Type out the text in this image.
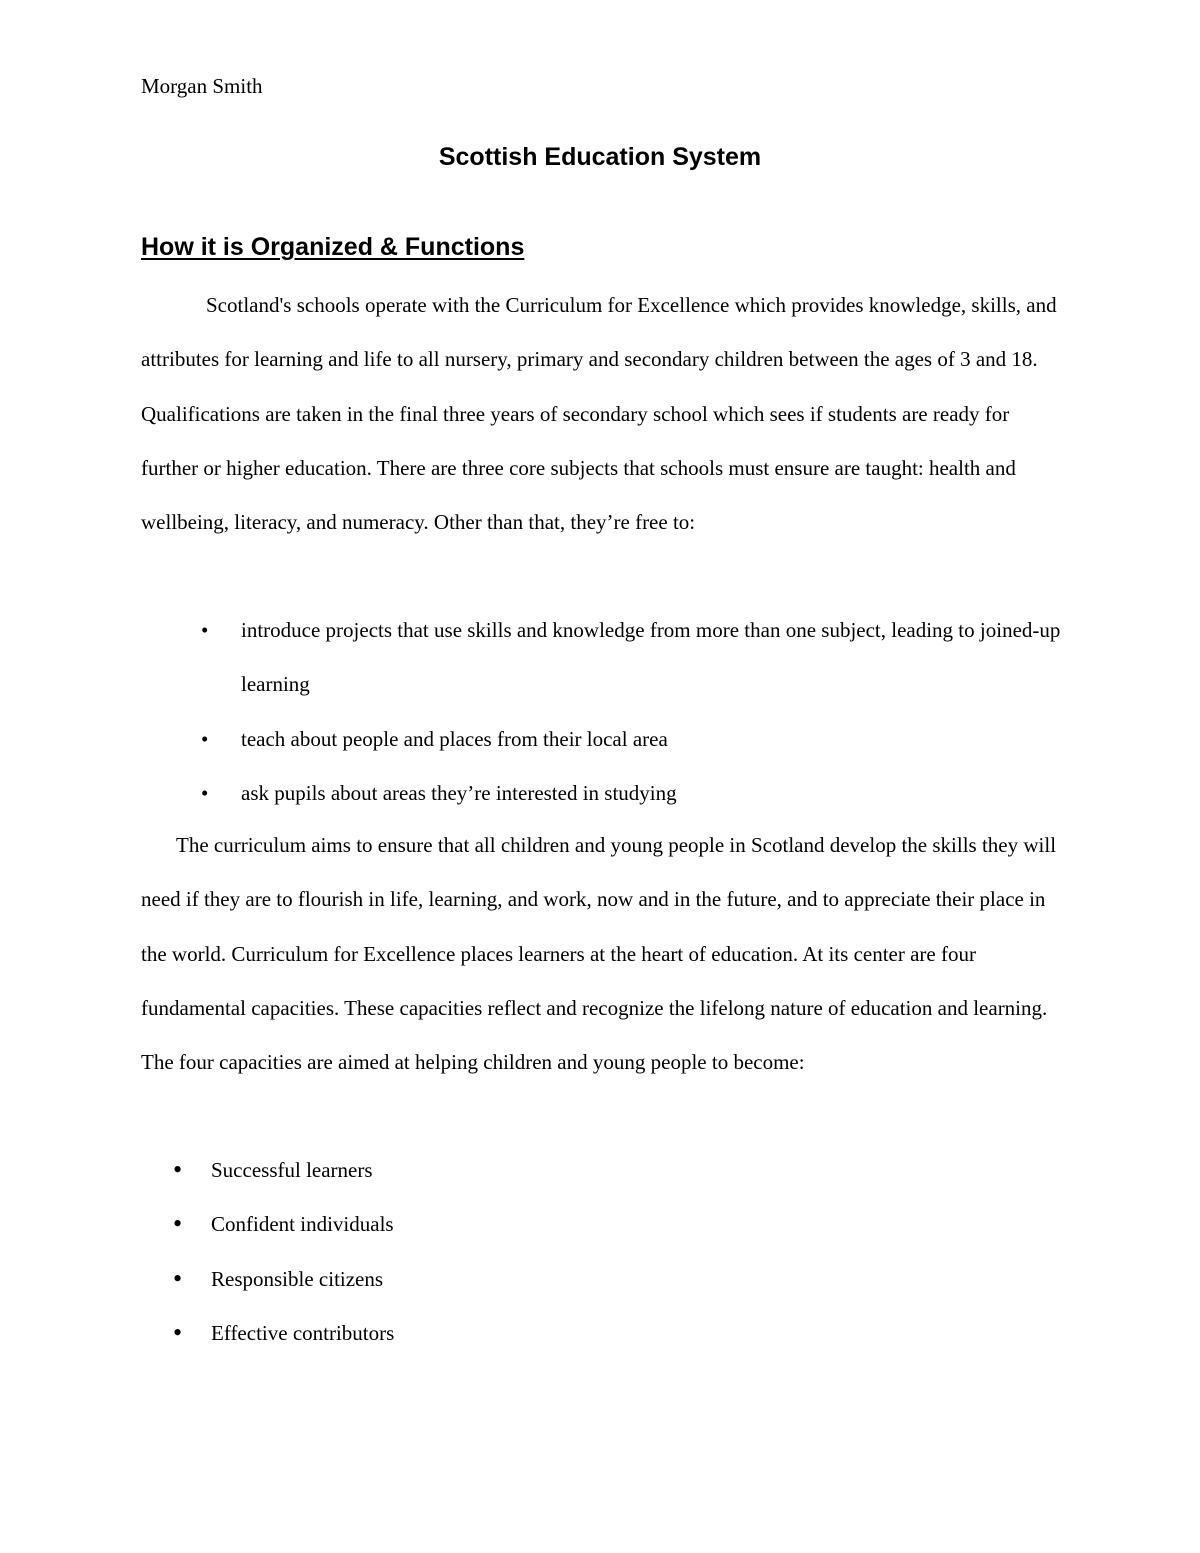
Morgan Smith

Scottish Education System
How it is Organized & Functions

Scotland's schools operate with the Curriculum for Excellence which provides knowledge, skills, and attributes for learning and life to all nursery, primary and secondary children between the ages of 3 and 18. Qualifications are taken in the final three years of secondary school which sees if students are ready for further or higher education. There are three core subjects that schools must ensure are taught: health and wellbeing, literacy, and numeracy. Other than that, they’re free to:

• introduce projects that use skills and knowledge from more than one subject, leading to joined-up learning
• teach about people and places from their local area
• ask pupils about areas they’re interested in studying

The curriculum aims to ensure that all children and young people in Scotland develop the skills they will need if they are to flourish in life, learning, and work, now and in the future, and to appreciate their place in the world. Curriculum for Excellence places learners at the heart of education. At its center are four fundamental capacities. These capacities reflect and recognize the lifelong nature of education and learning. The four capacities are aimed at helping children and young people to become:

• Successful learners
• Confident individuals
• Responsible citizens
• Effective contributors
